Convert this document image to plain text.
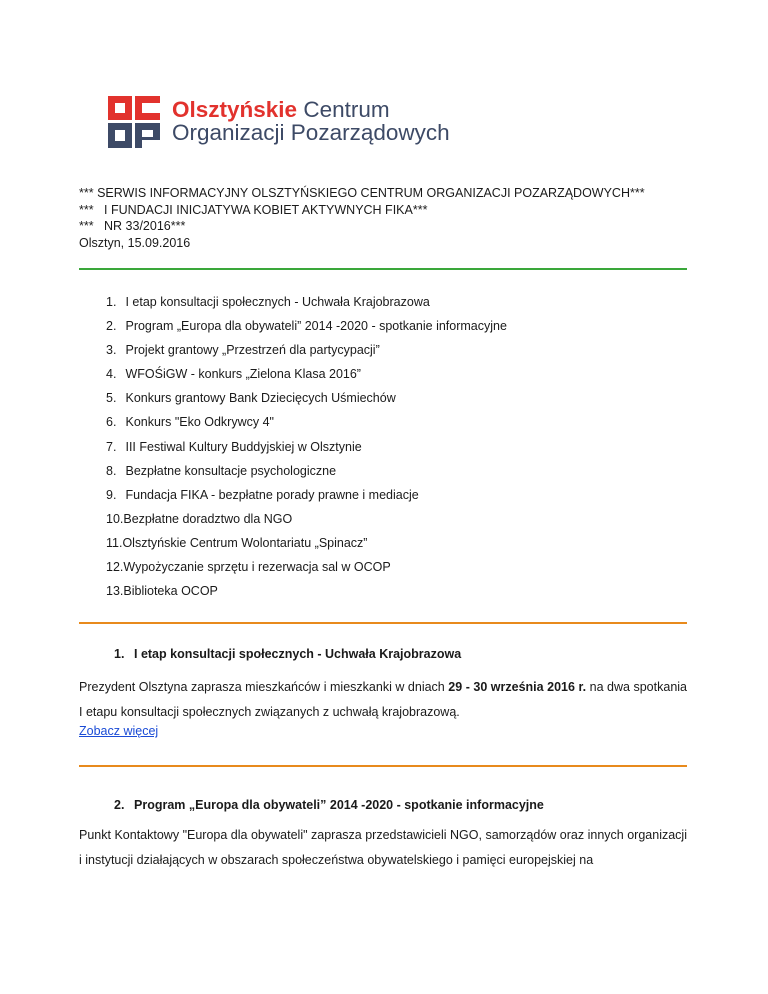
Olsztyńskie Centrum
Organizacji Pozarządowych
*** SERWIS INFORMACYJNY OLSZTYŃSKIEGO CENTRUM ORGANIZACJI POZARZĄDOWYCH***
***   I FUNDACJI INICJATYWA KOBIET AKTYWNYCH FIKA***
***   NR 33/2016***
Olsztyn, 15.09.2016
1. I etap konsultacji społecznych - Uchwała Krajobrazowa
2. Program „Europa dla obywateli” 2014 -2020 - spotkanie informacyjne
3. Projekt grantowy „Przestrzeń dla partycypacji”
4. WFOŚiGW - konkurs „Zielona Klasa 2016”
5. Konkurs grantowy Bank Dziecięcych Uśmiechów
6. Konkurs "Eko Odkrywcy 4"
7. III Festiwal Kultury Buddyjskiej w Olsztynie
8. Bezpłatne konsultacje psychologiczne
9. Fundacja FIKA - bezpłatne porady prawne i mediacje
10.Bezpłatne doradztwo dla NGO
11.Olsztyńskie Centrum Wolontariatu „Spinacz”
12.Wypożyczanie sprzętu i rezerwacja sal w OCOP
13.Biblioteka OCOP
1. I etap konsultacji społecznych - Uchwała Krajobrazowa
Prezydent Olsztyna zaprasza mieszkańców i mieszkanki w dniach 29 - 30 września 2016 r. na dwa spotkania I etapu konsultacji społecznych związanych z uchwałą krajobrazową.
Zobacz więcej
2. Program „Europa dla obywateli” 2014 -2020 - spotkanie informacyjne
Punkt Kontaktowy "Europa dla obywateli" zaprasza przedstawicieli NGO, samorządów oraz innych organizacji i instytucji działających w obszarach społeczeństwa obywatelskiego i pamięci europejskiej na
